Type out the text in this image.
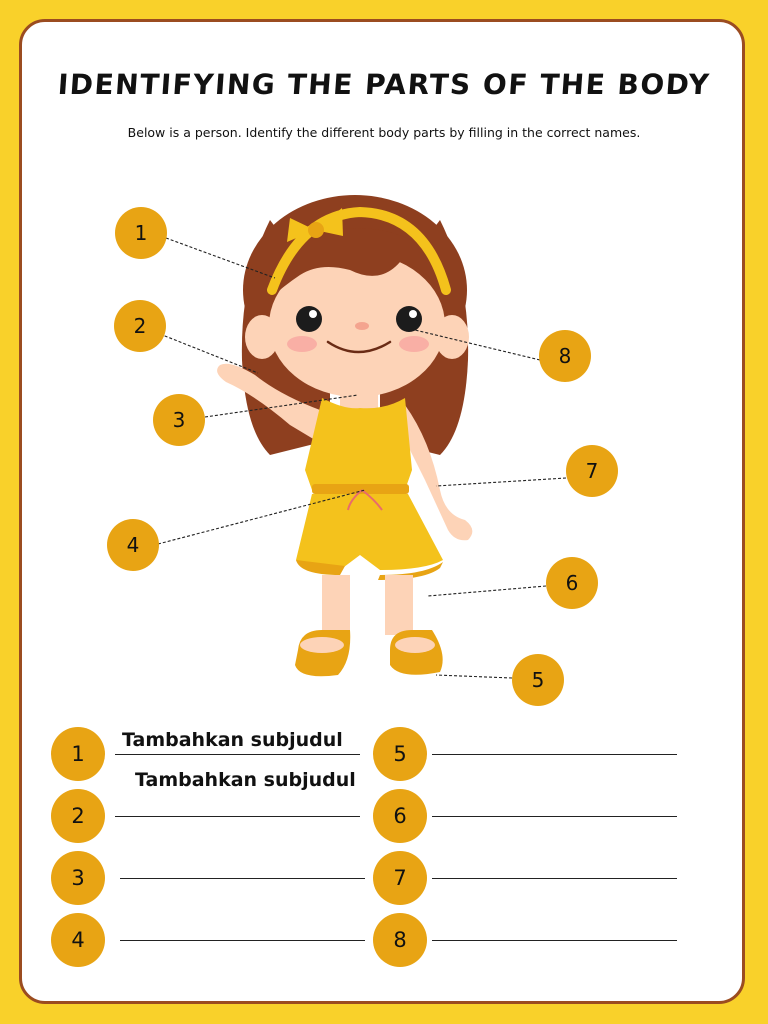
IDENTIFYING THE PARTS OF THE BODY
Below is a person. Identify the different body parts by filling in the correct names.
1
2
3
4
5
6
7
8
1
Tambahkan subjudul
2
Tambahkan subjudul
3
4
5
6
7
8
